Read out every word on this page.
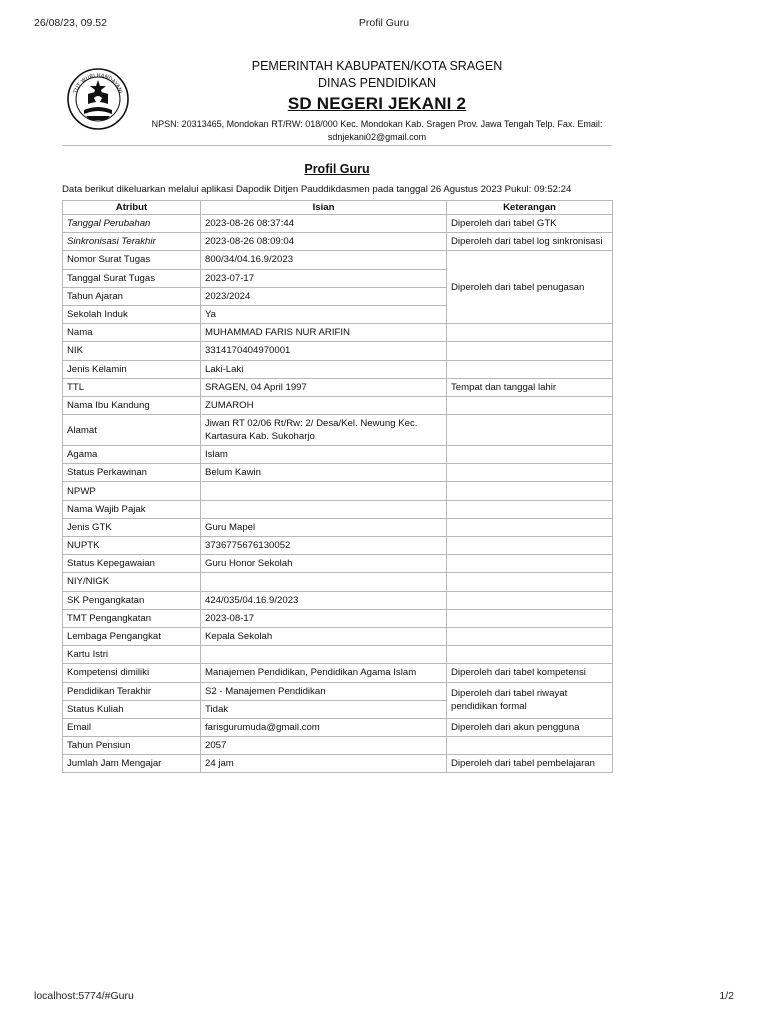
26/08/23, 09.52	Profil Guru
TUT WURI HANDAYANI
PEMERINTAH KABUPATEN/KOTA SRAGEN
DINAS PENDIDIKAN
SD NEGERI JEKANI 2
NPSN: 20313465, Mondokan RT/RW: 018/000 Kec. Mondokan Kab. Sragen Prov. Jawa Tengah Telp. Fax. Email:
sdnjekani02@gmail.com
Profil Guru
Data berikut dikeluarkan melalui aplikasi Dapodik Ditjen Pauddikdasmen pada tanggal 26 Agustus 2023 Pukul: 09:52:24
Atribut	Isian	Keterangan
Tanggal Perubahan	2023-08-26 08:37:44	Diperoleh dari tabel GTK
Sinkronisasi Terakhir	2023-08-26 08:09:04	Diperoleh dari tabel log sinkronisasi
Nomor Surat Tugas	800/34/04.16.9/2023	Diperoleh dari tabel penugasan
Tanggal Surat Tugas	2023-07-17	
Tahun Ajaran	2023/2024	
Sekolah Induk	Ya	
Nama	MUHAMMAD FARIS NUR ARIFIN	
NIK	3314170404970001	
Jenis Kelamin	Laki-Laki	
TTL	SRAGEN, 04 April 1997	Tempat dan tanggal lahir
Nama Ibu Kandung	ZUMAROH	
Alamat	Jiwan RT 02/06 Rt/Rw: 2/ Desa/Kel. Newung Kec. Kartasura Kab. Sukoharjo	
Agama	Islam	
Status Perkawinan	Belum Kawin	
NPWP		
Nama Wajib Pajak		
Jenis GTK	Guru Mapel	
NUPTK	3736775676130052	
Status Kepegawaian	Guru Honor Sekolah	
NIY/NIGK		
SK Pengangkatan	424/035/04.16.9/2023	
TMT Pengangkatan	2023-08-17	
Lembaga Pengangkat	Kepala Sekolah	
Kartu Istri		
Kompetensi dimiliki	Manajemen Pendidikan, Pendidikan Agama Islam	Diperoleh dari tabel kompetensi
Pendidikan Terakhir	S2 - Manajemen Pendidikan	Diperoleh dari tabel riwayat pendidikan formal
Status Kuliah	Tidak	
Email	farisgurumuda@gmail.com	Diperoleh dari akun pengguna
Tahun Pensiun	2057	
Jumlah Jam Mengajar	24 jam	Diperoleh dari tabel pembelajaran
localhost:5774/#Guru	1/2
